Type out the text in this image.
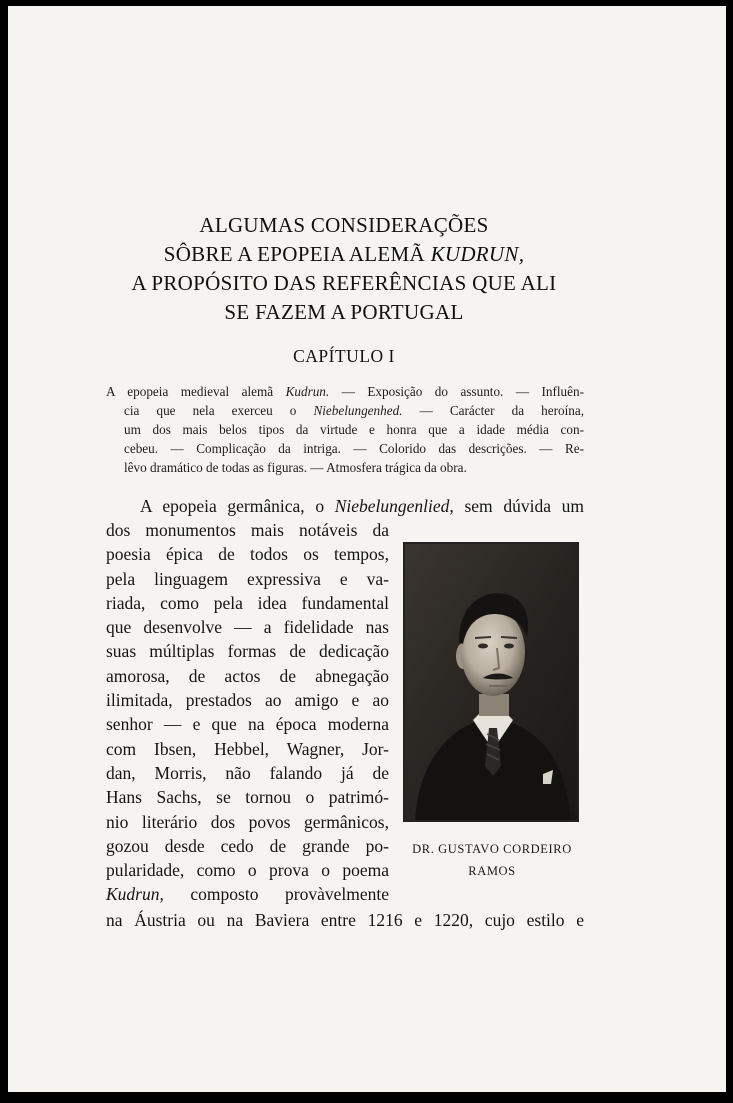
ALGUMAS CONSIDERAÇÕES
SÔBRE A EPOPEIA ALEMÃ KUDRUN,
A PROPÓSITO DAS REFERÊNCIAS QUE ALI
SE FAZEM A PORTUGAL
CAPÍTULO I
A epopeia medieval alemã Kudrun. — Exposição do assunto. — Influên-
cia que nela exerceu o Niebelungenhed. — Carácter da heroína,
um dos mais belos tipos da virtude e honra que a idade média con-
cebeu. — Complicação da intriga. — Colorido das descrições. — Re-
lêvo dramático de todas as figuras. — Atmosfera trágica da obra.
A epopeia germânica, o Niebelungenlied, sem dúvida um
dos monumentos mais notáveis da
poesia épica de todos os tempos,
pela linguagem expressiva e va-
riada, como pela idea fundamental
que desenvolve — a fidelidade nas
suas múltiplas formas de dedicação
amorosa, de actos de abnegação
ilimitada, prestados ao amigo e ao
senhor — e que na época moderna
com Ibsen, Hebbel, Wagner, Jor-
dan, Morris, não falando já de
Hans Sachs, se tornou o patrimó-
nio literário dos povos germânicos,
gozou desde cedo de grande po-
pularidade, como o prova o poema
Kudrun, composto provàvelmente
na Áustria ou na Baviera entre 1216 e 1220, cujo estilo e
DR. GUSTAVO CORDEIRO
RAMOS
